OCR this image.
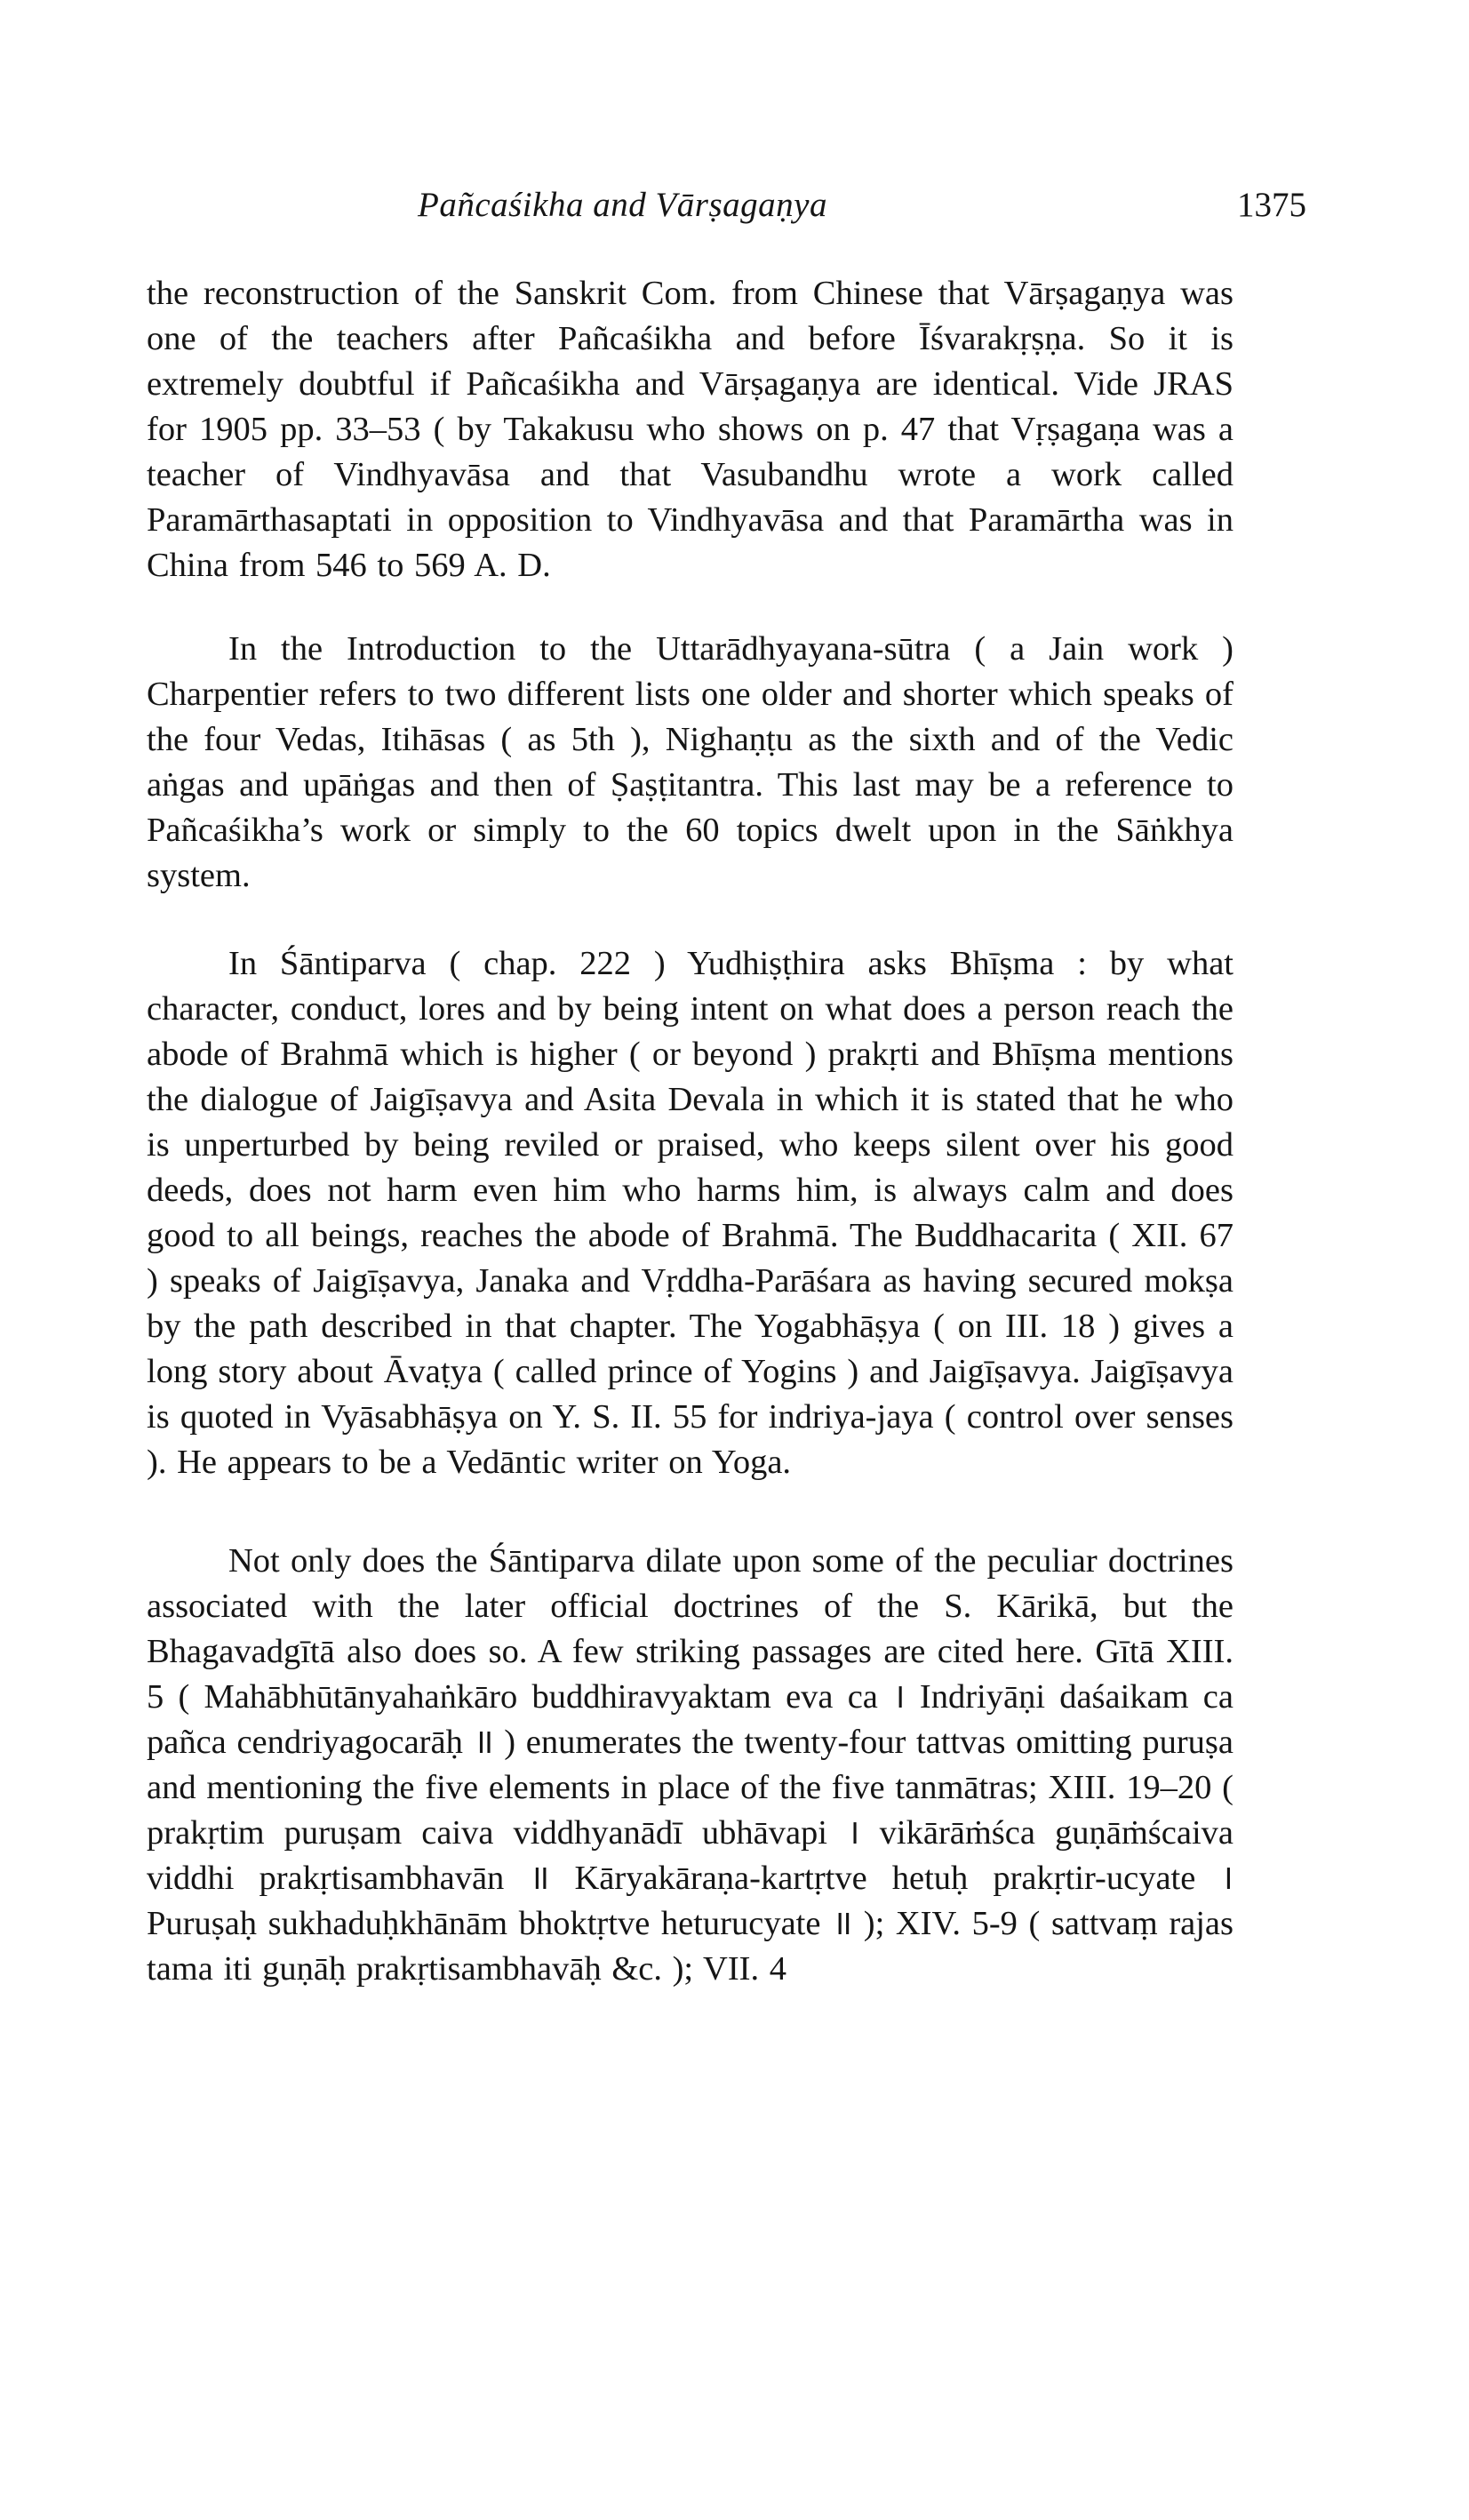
Pañcaśikha and Vārṣagaṇya	1375

the reconstruction of the Sanskrit Com. from Chinese that Vārṣagaṇya was one of the teachers after Pañcaśikha and before Īśvarakṛṣṇa. So it is extremely doubtful if Pañcaśikha and Vārṣagaṇya are identical. Vide JRAS for 1905 pp. 33–53 ( by Takakusu who shows on p. 47 that Vṛṣagaṇa was a teacher of Vindhyavāsa and that Vasubandhu wrote a work called Paramārthasaptati in opposition to Vindhyavāsa and that Paramārtha was in China from 546 to 569 A. D.

In the Introduction to the Uttarādhyayana-sūtra ( a Jain work ) Charpentier refers to two different lists one older and shorter which speaks of the four Vedas, Itihāsas ( as 5th ), Nighaṇṭu as the sixth and of the Vedic aṅgas and upāṅgas and then of Ṣaṣṭitantra. This last may be a reference to Pañcaśikha’s work or simply to the 60 topics dwelt upon in the Sāṅkhya system.

In Śāntiparva ( chap. 222 ) Yudhiṣṭhira asks Bhīṣma : by what character, conduct, lores and by being intent on what does a person reach the abode of Brahmā which is higher ( or beyond ) prakṛti and Bhīṣma mentions the dialogue of Jaigīṣavya and Asita Devala in which it is stated that he who is unperturbed by being reviled or praised, who keeps silent over his good deeds, does not harm even him who harms him, is always calm and does good to all beings, reaches the abode of Brahmā. The Buddhacarita ( XII. 67 ) speaks of Jaigīṣavya, Janaka and Vṛddha-Parāśara as having secured mokṣa by the path described in that chapter. The Yogabhāṣya ( on III. 18 ) gives a long story about Āvaṭya ( called prince of Yogins ) and Jaigīṣavya. Jaigīṣavya is quoted in Vyāsabhāṣya on Y. S. II. 55 for indriya-jaya ( control over senses ). He appears to be a Vedāntic writer on Yoga.

Not only does the Śāntiparva dilate upon some of the peculiar doctrines associated with the later official doctrines of the S. Kārikā, but the Bhagavadgītā also does so. A few striking passages are cited here. Gītā XIII. 5 ( Mahābhūtānyahaṅkāro buddhiravyaktam eva ca । Indriyāṇi daśaikam ca pañca cendriyagocarāḥ ॥ ) enumerates the twenty-four tattvas omitting puruṣa and mentioning the five elements in place of the five tanmātras; XIII. 19–20 ( prakṛtim puruṣam caiva viddhyanādī ubhāvapi । vikārāṁśca guṇāṁścaiva viddhi prakṛtisambhavān ॥ Kāryakāraṇa-kartṛtve hetuḥ prakṛtir-ucyate । Puruṣaḥ sukhaduḥkhānām bhoktṛtve heturucyate ॥ ); XIV. 5-9 ( sattvaṃ rajas tama iti guṇāḥ prakṛtisambhavāḥ &c. ); VII. 4
